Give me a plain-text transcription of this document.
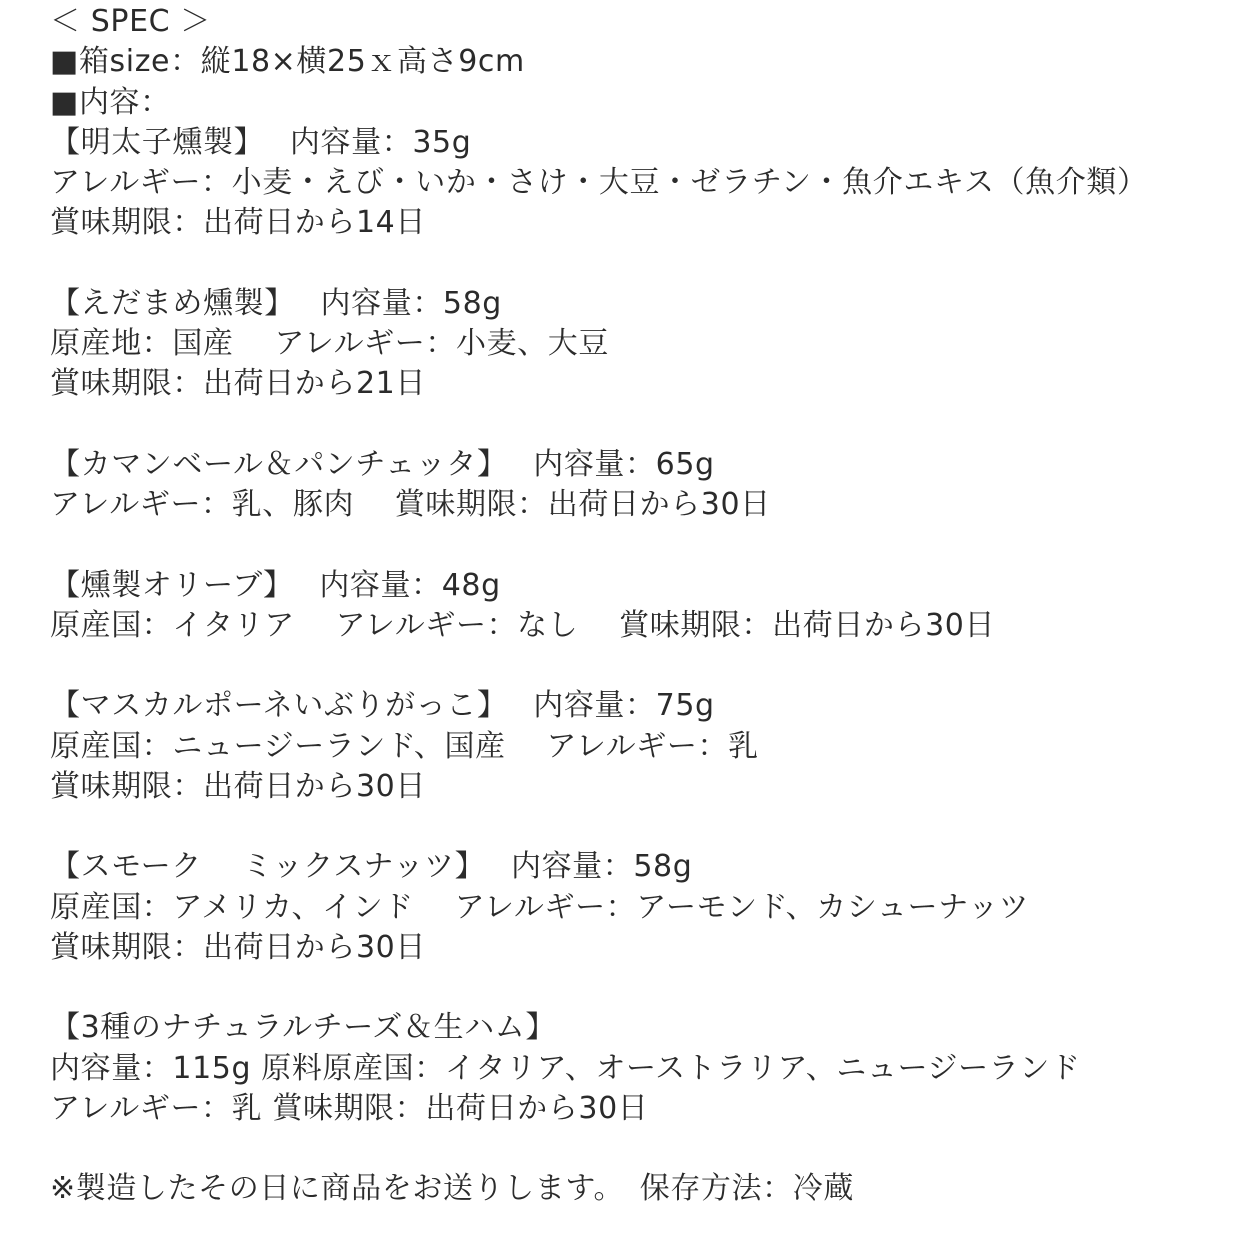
＜ SPEC ＞
■箱size：縦18×横25ｘ高さ9cm
■内容：
【明太子燻製】　 内容量：35g
アレルギー：小麦・えび・いか・さけ・大豆・ゼラチン・魚介エキス（魚介類）
賞味期限：出荷日から14日
【えだまめ燻製】　 内容量：58g
原産地：国産　 アレルギー：小麦、大豆
賞味期限：出荷日から21日
【カマンベール＆パンチェッタ】　 内容量：65g
アレルギー：乳、豚肉　 賞味期限：出荷日から30日
【燻製オリーブ】　 内容量：48g
原産国：イタリア　 アレルギー：なし　 賞味期限：出荷日から30日
【マスカルポーネいぶりがっこ】　 内容量：75g
原産国：ニュージーランド、国産　 アレルギー：乳
賞味期限：出荷日から30日
【スモーク　 ミックスナッツ】　 内容量：58g
原産国：アメリカ、インド　 アレルギー：アーモンド、カシューナッツ
賞味期限：出荷日から30日
【3種のナチュラルチーズ＆生ハム】
内容量：115g 原料原産国：イタリア、オーストラリア、ニュージーランド
アレルギー：乳 賞味期限：出荷日から30日
※製造したその日に商品をお送りします。　保存方法：冷蔵
